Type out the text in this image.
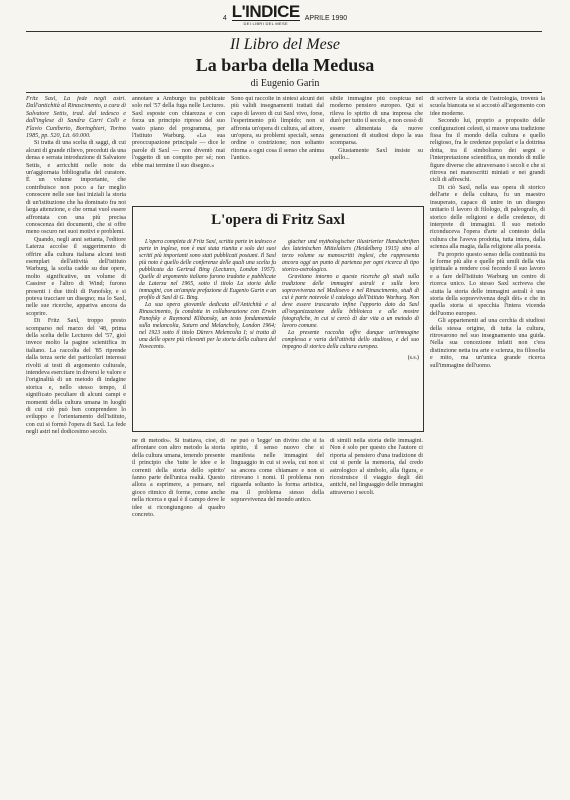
4 L'INDICE
DEI LIBRI DEL MESE
APRILE 1990
Il Libro del Mese
La barba della Medusa
di Eugenio Garin

Fritz Saxl, La fede negli astri. Dall'antichità al Rinascimento, a cura di Salvatore Settis, trad. dal tedesco e dall'inglese di Sandra Carri Colli e Flavio Cuniberto, Boringhieri, Torino 1985, pp. 520, Lit. 60.000.

Si tratta di una scelta di saggi, di cui alcuni di grande rilievo, preceduti da una densa e serrata introduzione di Salvatore Settis, e arricchiti nelle note da un'aggiornata bibliografia del curatore. È un volume importante, che contribuisce non poco a far meglio conoscere nelle sue fasi iniziali la storia di un'istituzione che ha dominato fra noi larga attenzione, e che ormai vuol essere affrontata con una più precisa conoscenza dei documenti, che si offre meno oscuro nei suoi motivi e problemi.

Quando, negli anni settanta, l'editore Laterza accolse il suggerimento di offrire alla cultura italiana alcuni testi esemplari dell'attività dell'istituto Warburg, la scelta cadde su due opere, molto significative, un volume di Cassirer e l'altro di Wind; furono presenti i due titoli di Panofsky, e si poteva tracciare un disegno; ma lo Saxl, nelle sue ricerche, appariva ancora da scoprire.

Di Fritz Saxl, troppo presto scomparso nel marzo del '48, prima della scelta delle Lectures del '57, gioì invece molto la pagine scientifica in italiano. La raccolta del '85 riprende dalla terza serie dei particolari interessi rivolti ai testi di argomento culturale, intendeva esercitare in diversi le valore e l'originalità di un metodo di indagine storica e, nello stesso tempo, il significato peculiare di alcuni campi e momenti della cultura umana in luoghi di cui ciò può ben comprendere lo sviluppo e l'orientamento dell'istituto, con cui si formò l'opera di Saxl. La fede negli astri nel dodicesimo secolo.

annotare a Amburgo tra pubblicate solo nel '57 della fuga nelle Lectures. Saxl esposte con chiarezza e con forza un principio ripreso del suo vasto piano del programma, per l'Istituto Warburg. «La sua preoccupazione principale — dice le parole di Saxl — non diventò mai l'oggetto di un compito per sé; non ebbe mai termine il suo disegno.»

Sono qui raccolte in sintesi alcuni dei più validi insegnamenti trattati dal capo di lavoro di cui Saxl vivo, forse, l'esperimento più limpido; non si affronta un'opera di cultura, ad attore, un'opera, su problemi speciali, senza ordine o costrizione; non soltanto ritorna a ogni cosa il senso che anima l'antico.

sibile immagine più cospicua nel moderno pensiero europeo. Qui si rileva lo spirito di una impresa che durò per tutto il secolo, e non cessò di essere alimentata da nuove generazioni di studiosi dopo la sua scomparsa.

Giustamente Saxl insiste su quello...

L'opera di Fritz Saxl

L'opera completa di Fritz Saxl, scritta parte in tedesco e parte in inglese, non è mai stata riunita e solo dei suoi scritti più importanti sono stati pubblicati postumi. Il Saxl più noto è quello delle conferenze delle quali una scelta fu pubblicata da Gertrud Bing (Lectures, London 1957). Quelle di argomento italiano furono tradotte e pubblicate da Laterza nel 1965, sotto il titolo La storia delle immagini, con un'ampia prefazione di Eugenio Garin e un profilo di Saxl di G. Bing.

La sua opera giovanile dedicata all'Antichità e al Rinascimento, fu condotta in collaborazione con Erwin Panofsky e Raymond Klibansky, un testo fondamentale sulla melancolia, Saturn and Melancholy, London 1964; nel 1923 sotto il titolo Dürers Melencolia I; si tratta di una delle opere più rilevanti per la storia della cultura del Novecento.

giacher und mythologischer illustrierter Handschriften des lateinischen Mittelalters (Heidelberg 1915) sino al terzo volume su manoscritti inglesi, che rappresenta ancora oggi un punto di partenza per ogni ricerca di tipo storico-astrologico.

Gravitano intorno a queste ricerche gli studi sulla tradizione delle immagini astrali e sulla loro sopravvivenza nel Medioevo e nel Rinascimento, studi di cui è parte notevole il catalogo dell'Istituto Warburg. Non deve essere trascurato infine l'apporto dato da Saxl all'organizzazione della biblioteca e alle mostre fotografiche, in cui si cercò di dar vita a un metodo di lavoro comune.

La presente raccolta offre dunque un'immagine complessa e varia dell'attività dello studioso, e del suo impegno di storico della cultura europea.

(s.s.)

ne di metodo». Si trattava, cioè, di affrontare con altro metodo la storia della cultura umana, tenendo presente il principio che 'tutte le idee e le correnti della storia dello spirito' fanno parte dell'unica realtà. Questo allora a esprimere, a pensare, nel gioco ritmico di forme, come anche nella ricerca e qual è il campo dove le idee si ricongiungono al quadro concreto.

ne può o 'legge' un divino che si fa spirito, il senso nuovo che si manifesta nelle immagini del linguaggio in cui si svela, cui non si sa ancora come chiamare e non si ritrovano i nomi. Il problema non riguarda soltanto la forma artistica, ma il problema stesso della sopravvivenza del mondo antico.

di simili nella storia delle immagini. Non è solo per questo che l'autore ci riporta al pensiero d'una tradizione di cui si perde la memoria, dal credo astrologico al simbolo, alla figura, e ricostruisce il viaggio degli dèi antichi, nel linguaggio delle immagini attraverso i secoli.

dì scrivere la storia de l'astrologia, troverà la scuola biancata se si accostò all'argomento con idee moderne.

Secondo lui, proprio a proposito delle configurazioni celesti, si muove una tradizione fissa fra il mondo della cultura e quello religioso, fra le credenze popolari e la dottrina dotta, tra il simbolismo dei segni e l'interpretazione scientifica, un mondo di mille figure diverse che attraversano i secoli e che si ritrova nei manoscritti miniati e nei grandi cicli di affreschi.

Di ciò Saxl, nella sua opera di storico dell'arte e della cultura, fu un maestro insuperato, capace di unire in un disegno unitario il lavoro di filologo, di paleografo, di storico delle religioni e delle credenze, di interprete di immagini. Il suo metodo riconduceva l'opera d'arte al contesto della cultura che l'aveva prodotta, tutta intera, dalla scienza alla magia, dalla religione alla poesia.

Fu proprio questo senso della continuità tra le forme più alte e quelle più umili della vita spirituale a rendere così fecondo il suo lavoro e a fare dell'Istituto Warburg un centro di ricerca unico. Lo stesso Saxl scriveva che «tutta la storia delle immagini astrali è una storia della sopravvivenza degli dèi» e che in quella storia si specchia l'intera vicenda dell'uomo europeo.

Gli appartenenti ad una cerchia di studiosi della stessa origine, di tutta la cultura, ritrovarono nel suo insegnamento una guida. Nella sua concezione infatti non c'era distinzione netta tra arte e scienza, tra filosofia e mito, ma un'unica grande ricerca sull'immagine dell'uomo.
